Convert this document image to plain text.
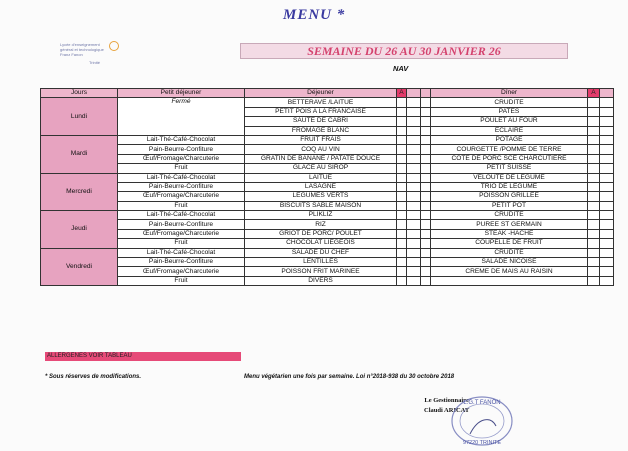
MENU *
Lycée d'enseignement général et technologique Franz Fanon
Trinité
SEMAINE DU 26 AU 30 JANVIER 26
NAV
Jours	Petit déjeuner	Déjeuner	A			Dîner	A	
Lundi	Fermé	BETTERAVE /LAITUE				CRUDITE		
		PETIT POIS A LA FRANCAISE				PATES		
		SAUTE DE CABRI				POULET AU FOUR		
		FROMAGE BLANC				ECLAIRE		
Mardi	Lait-Thé-Café-Chocolat	FRUIT FRAIS				POTAGE		
	Pain-Beurre-Confiture	COQ AU VIN				COURGETTE /POMME DE TERRE		
	Œuf/Fromage/Charcuterie	GRATIN DE BANANE / PATATE DOUCE				COTE DE PORC SCE CHARCUTIERE		
	Fruit	GLACE AU SIROP				PETIT SUISSE		
Mercredi	Lait-Thé-Café-Chocolat	LAITUE				VELOUTE DE LEGUME		
	Pain-Beurre-Confiture	LASAGNE				TRIO DE LEGUME		
	Œuf/Fromage/Charcuterie	LEGUMES VERTS				POISSON GRILLEE		
	Fruit	BISCUITS SABLE MAISON				PETIT POT		
Jeudi	Lait-Thé-Café-Chocolat	PLIKLIZ				CRUDITE		
	Pain-Beurre-Confiture	RIZ				PUREE ST GERMAIN		
	Œuf/Fromage/Charcuterie	GRIOT DE PORC/ POULET				STEAK -HACHE		
	Fruit	CHOCOLAT LIEGEOIS				COUPELLE DE FRUIT		
Vendredi	Lait-Thé-Café-Chocolat	SALADE DU CHEF				CRUDITE		
	Pain-Beurre-Confiture	LENTILLES				SALADE NICOISE		
	Œuf/Fromage/Charcuterie	POISSON FRIT MARINEE				CREME DE MAIS AU RAISIN		
	Fruit	DIVERS						
ALLERGENES VOIR TABLEAU
* Sous réserves de modifications.	Menu végétarien une fois par semaine. Loi n°2018-938 du 30 octobre 2018
Le Gestionnaire
Claudi ARICAT
L.G.T FANON
97220 TRINITE
